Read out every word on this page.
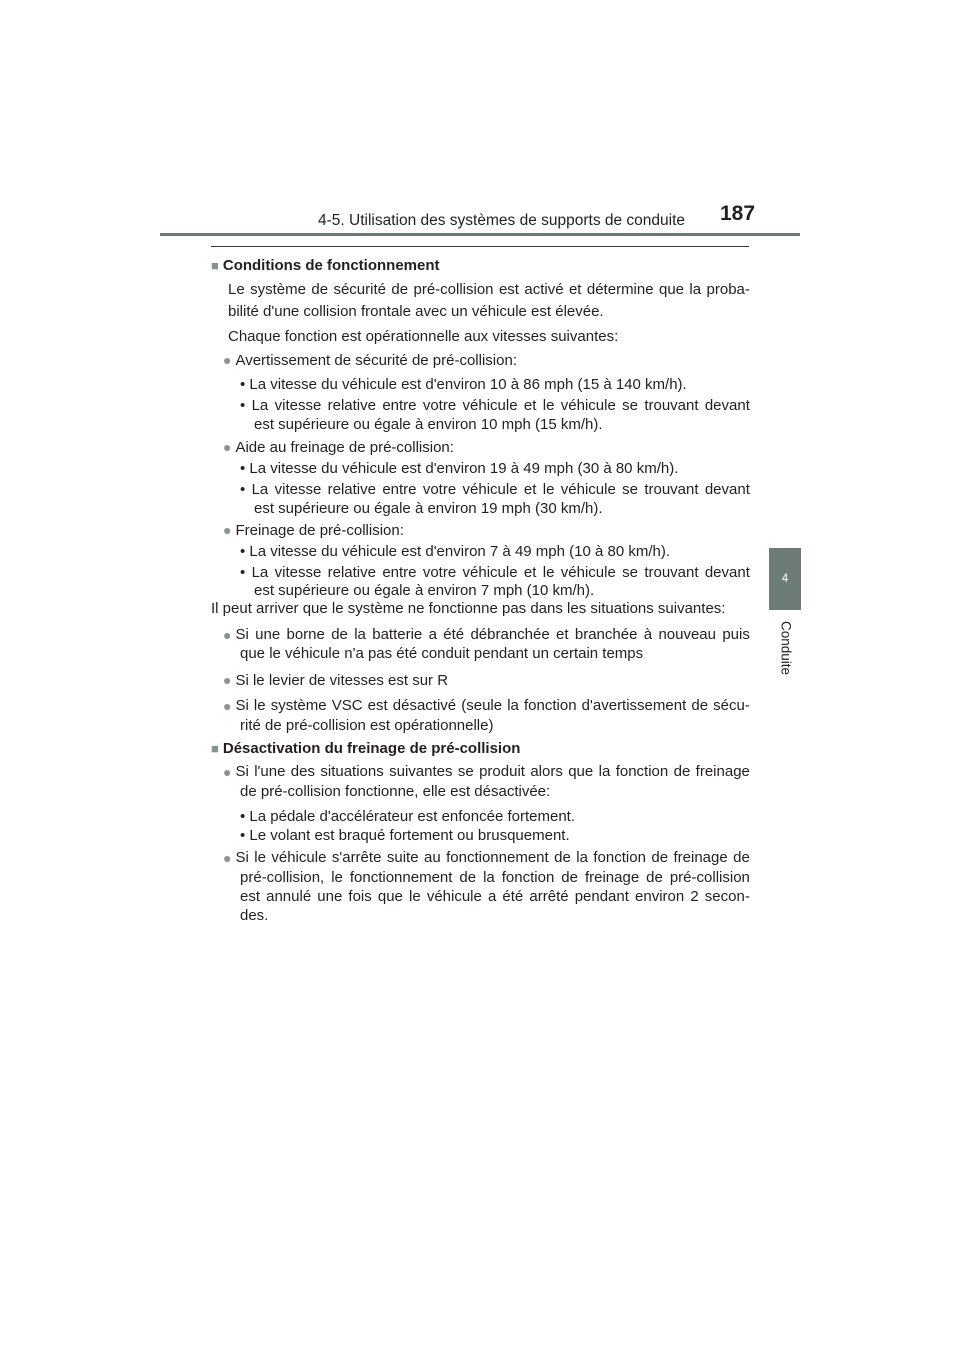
4-5. Utilisation des systèmes de supports de conduite 187
4
Conduite
■ Conditions de fonctionnement
Le système de sécurité de pré-collision est activé et détermine que la proba-
bilité d'une collision frontale avec un véhicule est élevée.
Chaque fonction est opérationnelle aux vitesses suivantes:
● Avertissement de sécurité de pré-collision:
• La vitesse du véhicule est d'environ 10 à 86 mph (15 à 140 km/h).
• La vitesse relative entre votre véhicule et le véhicule se trouvant devant
est supérieure ou égale à environ 10 mph (15 km/h).
● Aide au freinage de pré-collision:
• La vitesse du véhicule est d'environ 19 à 49 mph (30 à 80 km/h).
• La vitesse relative entre votre véhicule et le véhicule se trouvant devant
est supérieure ou égale à environ 19 mph (30 km/h).
● Freinage de pré-collision:
• La vitesse du véhicule est d'environ 7 à 49 mph (10 à 80 km/h).
• La vitesse relative entre votre véhicule et le véhicule se trouvant devant
est supérieure ou égale à environ 7 mph (10 km/h).
Il peut arriver que le système ne fonctionne pas dans les situations suivantes:
● Si une borne de la batterie a été débranchée et branchée à nouveau puis
que le véhicule n'a pas été conduit pendant un certain temps
● Si le levier de vitesses est sur R
● Si le système VSC est désactivé (seule la fonction d'avertissement de sécu-
rité de pré-collision est opérationnelle)
■ Désactivation du freinage de pré-collision
● Si l'une des situations suivantes se produit alors que la fonction de freinage
de pré-collision fonctionne, elle est désactivée:
• La pédale d'accélérateur est enfoncée fortement.
• Le volant est braqué fortement ou brusquement.
● Si le véhicule s'arrête suite au fonctionnement de la fonction de freinage de
pré-collision, le fonctionnement de la fonction de freinage de pré-collision
est annulé une fois que le véhicule a été arrêté pendant environ 2 secon-
des.
